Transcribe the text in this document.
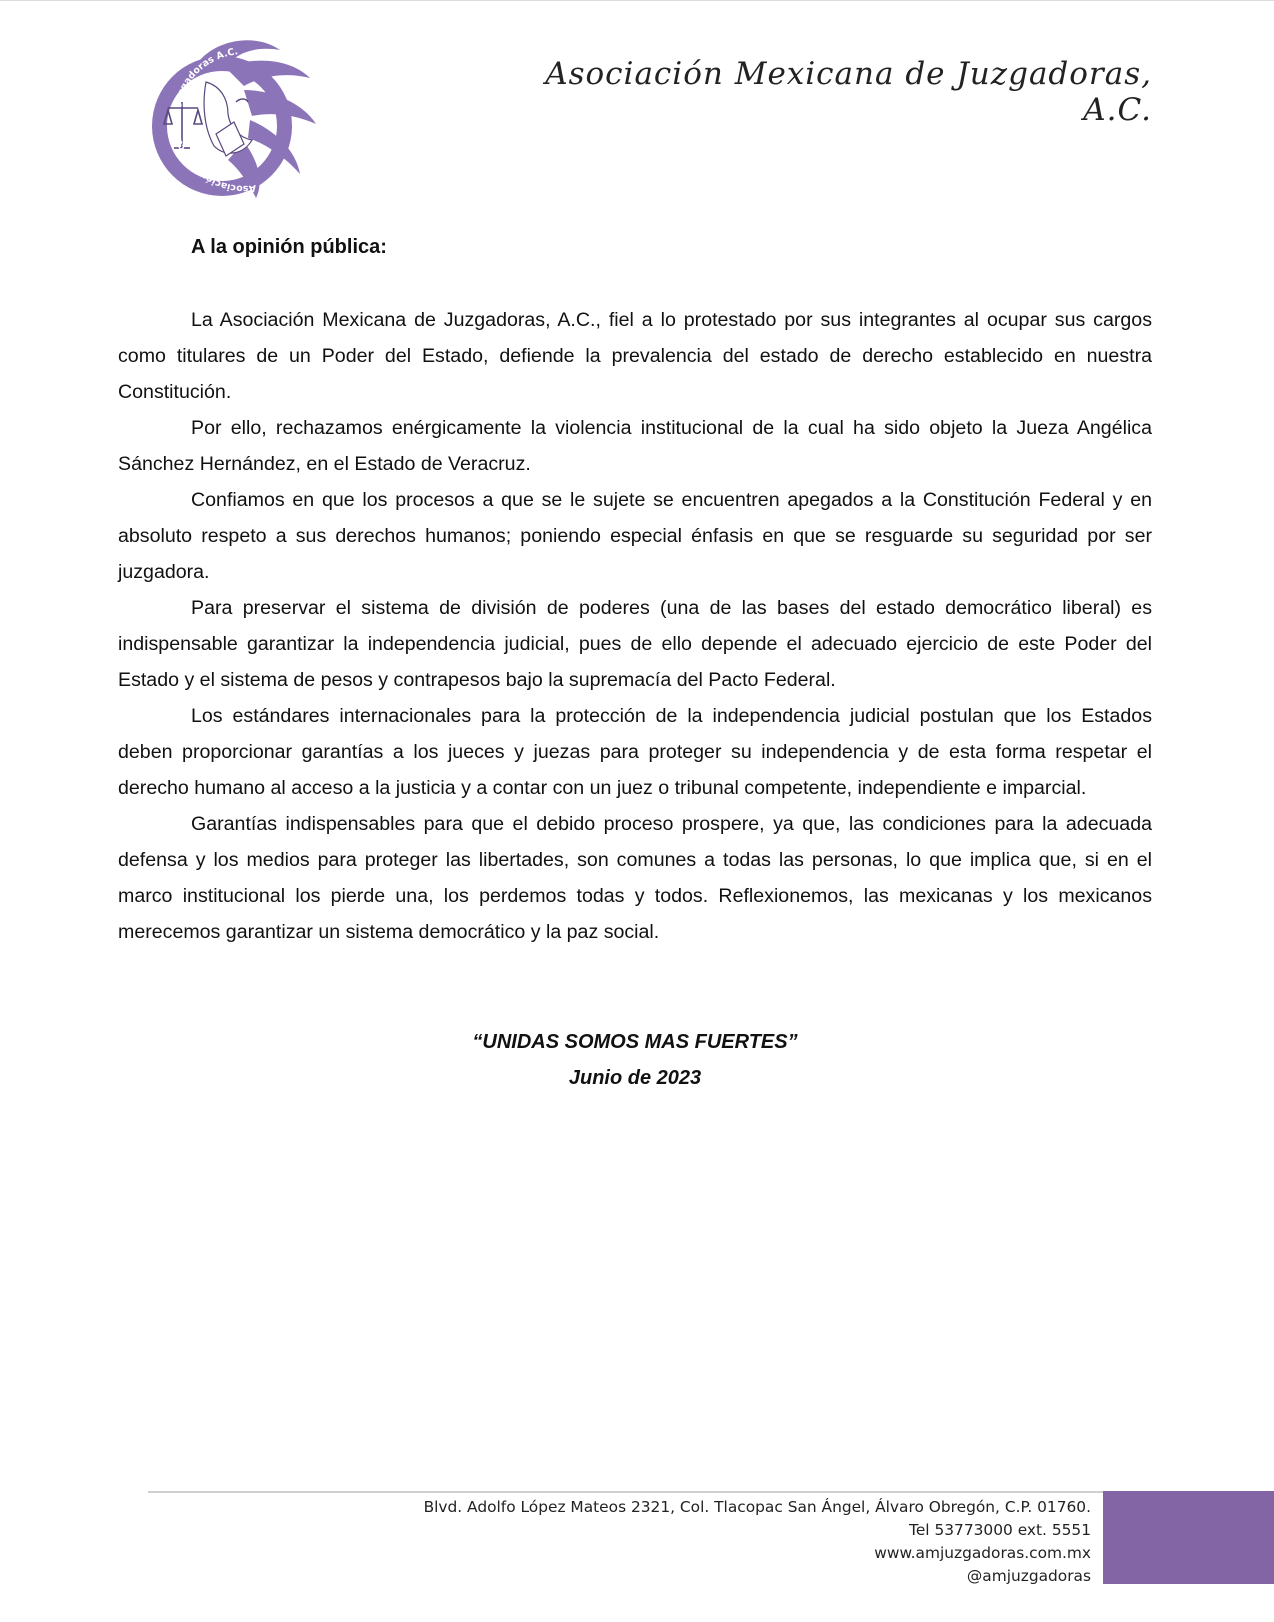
Asociación Mexicana de Juzgadoras A.C.
Asociación Mexicana de Juzgadoras, A.C.
A la opinión pública:

La Asociación Mexicana de Juzgadoras, A.C., fiel a lo protestado por sus integrantes al ocupar sus cargos como titulares de un Poder del Estado, defiende la prevalencia del estado de derecho establecido en nuestra Constitución.

Por ello, rechazamos enérgicamente la violencia institucional de la cual ha sido objeto la Jueza Angélica Sánchez Hernández, en el Estado de Veracruz.

Confiamos en que los procesos a que se le sujete se encuentren apegados a la Constitución Federal y en absoluto respeto a sus derechos humanos; poniendo especial énfasis en que se resguarde su seguridad por ser juzgadora.

Para preservar el sistema de división de poderes (una de las bases del estado democrático liberal) es indispensable garantizar la independencia judicial, pues de ello depende el adecuado ejercicio de este Poder del Estado y el sistema de pesos y contrapesos bajo la supremacía del Pacto Federal.

Los estándares internacionales para la protección de la independencia judicial postulan que los Estados deben proporcionar garantías a los jueces y juezas para proteger su independencia y de esta forma respetar el derecho humano al acceso a la justicia y a contar con un juez o tribunal competente, independiente e imparcial.

Garantías indispensables para que el debido proceso prospere, ya que, las condiciones para la adecuada defensa y los medios para proteger las libertades, son comunes a todas las personas, lo que implica que, si en el marco institucional los pierde una, los perdemos todas y todos. Reflexionemos, las mexicanas y los mexicanos merecemos garantizar un sistema democrático y la paz social.

“UNIDAS SOMOS MAS FUERTES”
Junio de 2023
Blvd. Adolfo López Mateos 2321, Col. Tlacopac San Ángel, Álvaro Obregón, C.P. 01760.
Tel 53773000 ext. 5551
www.amjuzgadoras.com.mx
@amjuzgadoras
